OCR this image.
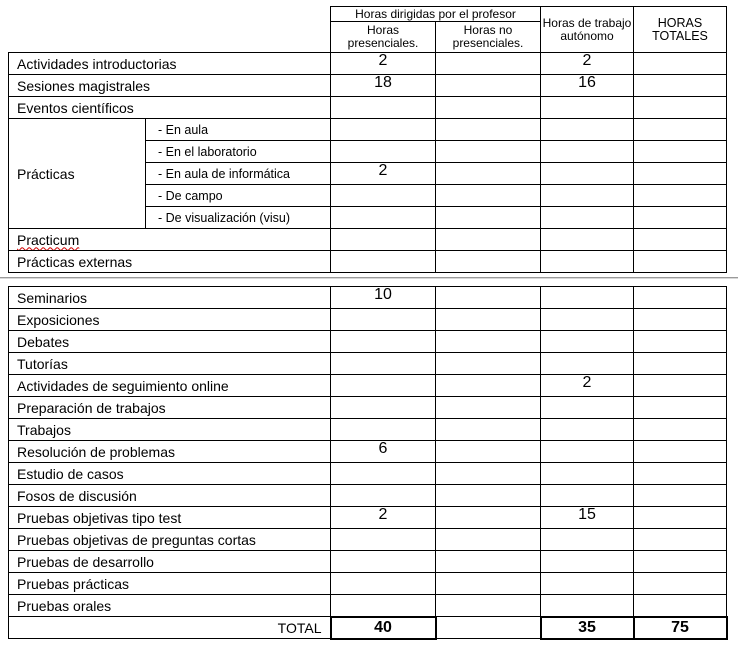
		Horas dirigidas por el profesor		Horas de trabajo autónomo	HORAS TOTALES
		Horas presenciales.	Horas no presenciales.		
Actividades introductorias		2		2	
Sesiones magistrales		18		16	
Eventos científicos					
Prácticas	- En aula				
	- En el laboratorio				
	- En aula de informática	2			
	- De campo				
	- De visualización (visu)				
Practicum					
Prácticas externas					
Seminarios	10			
Exposiciones				
Debates				
Tutorías				
Actividades de seguimiento online			2	
Preparación de trabajos				
Trabajos				
Resolución de problemas	6			
Estudio de casos				
Fosos de discusión				
Pruebas objetivas tipo test	2		15	
Pruebas objetivas de preguntas cortas				
Pruebas de desarrollo				
Pruebas prácticas				
Pruebas orales				
TOTAL	40		35	75
